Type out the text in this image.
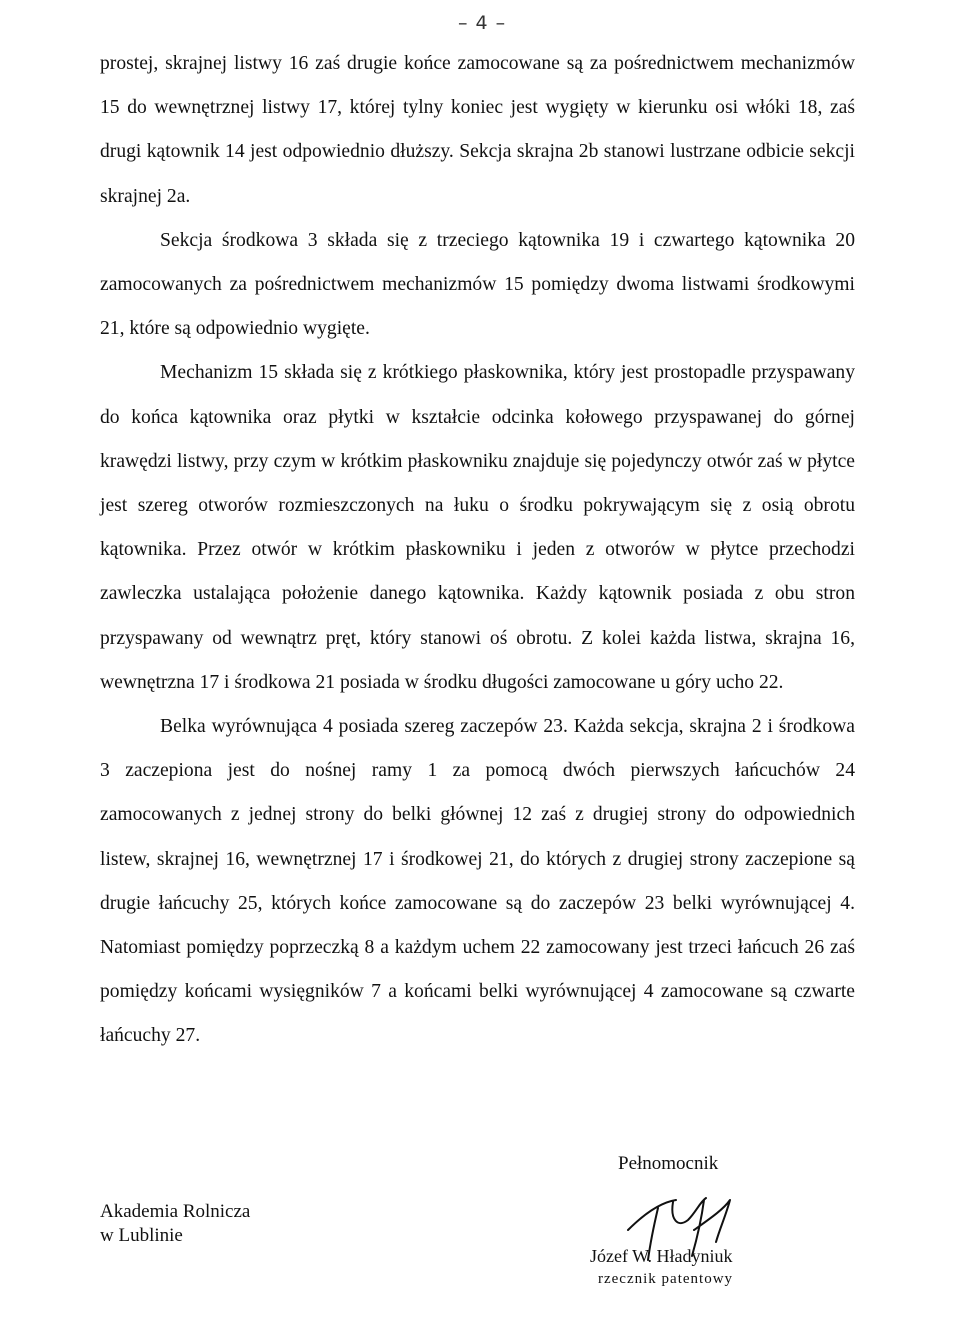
– 4 –

prostej, skrajnej listwy 16 zaś drugie końce zamocowane są za pośrednictwem mechanizmów 15 do wewnętrznej listwy 17, której tylny koniec jest wygięty w kierunku osi włóki 18, zaś drugi kątownik 14 jest odpowiednio dłuższy. Sekcja skrajna 2b stanowi lustrzane odbicie sekcji skrajnej 2a.

Sekcja środkowa 3 składa się z trzeciego kątownika 19 i czwartego kątownika 20 zamocowanych za pośrednictwem mechanizmów 15 pomiędzy dwoma listwami środkowymi 21, które są odpowiednio wygięte.

Mechanizm 15 składa się z krótkiego płaskownika, który jest prostopadle przyspawany do końca kątownika oraz płytki w kształcie odcinka kołowego przyspawanej do górnej krawędzi listwy, przy czym w krótkim płaskowniku znajduje się pojedynczy otwór zaś w płytce jest szereg otworów rozmieszczonych na łuku o środku pokrywającym się z osią obrotu kątownika. Przez otwór w krótkim płaskowniku i jeden z otworów w płytce przechodzi zawleczka ustalająca położenie danego kątownika. Każdy kątownik posiada z obu stron przyspawany od wewnątrz pręt, który stanowi oś obrotu. Z kolei każda listwa, skrajna 16, wewnętrzna 17 i środkowa 21 posiada w środku długości zamocowane u góry ucho 22.

Belka wyrównująca 4 posiada szereg zaczepów 23. Każda sekcja, skrajna 2 i środkowa 3 zaczepiona jest do nośnej ramy 1 za pomocą dwóch pierwszych łańcuchów 24 zamocowanych z jednej strony do belki głównej 12 zaś z drugiej strony do odpowiednich listew, skrajnej 16, wewnętrznej 17 i środkowej 21, do których z drugiej strony zaczepione są drugie łańcuchy 25, których końce zamocowane są do zaczepów 23 belki wyrównującej 4. Natomiast pomiędzy poprzeczką 8 a każdym uchem 22 zamocowany jest trzeci łańcuch 26 zaś pomiędzy końcami wysięgników 7 a końcami belki wyrównującej 4 zamocowane są czwarte łańcuchy 27.

Pełnomocnik
Akademia Rolnicza
w Lublinie
Józef W. Hładyniuk
rzecznik patentowy
